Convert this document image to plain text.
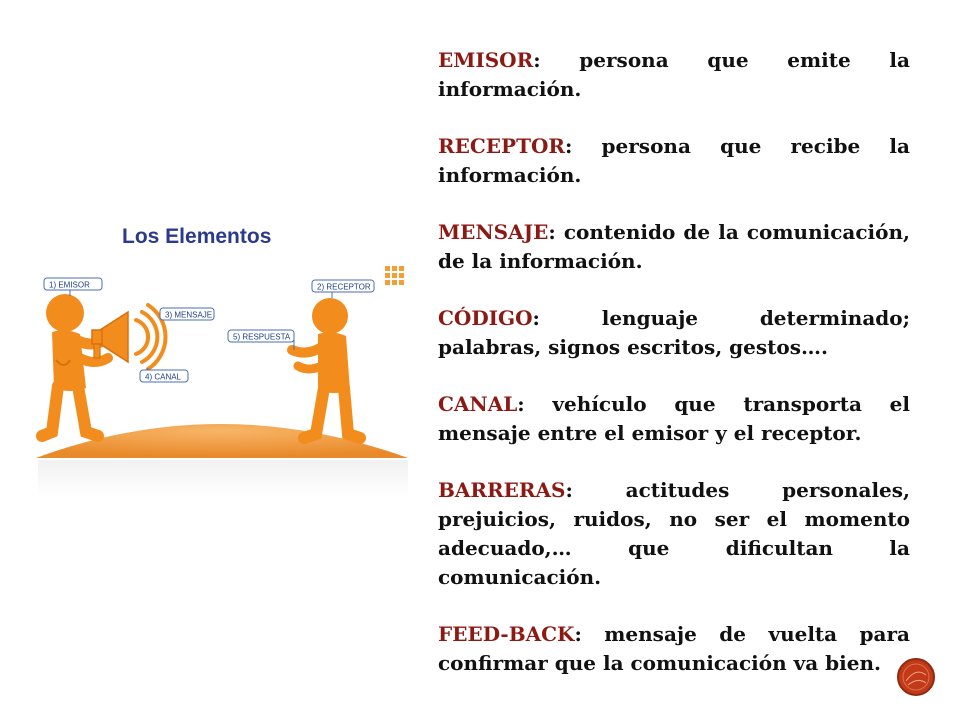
Los Elementos
1) EMISOR
3) MENSAJE
4) CANAL
2) RECEPTOR
5) RESPUESTA
EMISOR: persona que emite la información.
RECEPTOR: persona que recibe la información.
MENSAJE: contenido de la comunicación, de la información.
CÓDIGO: lenguaje determinado; palabras, signos escritos, gestos….
CANAL: vehículo que transporta el mensaje entre el emisor y el receptor.
BARRERAS: actitudes personales, prejuicios, ruidos, no ser el momento adecuado,… que dificultan la comunicación.
FEED-BACK: mensaje de vuelta para confirmar que la comunicación va bien.
